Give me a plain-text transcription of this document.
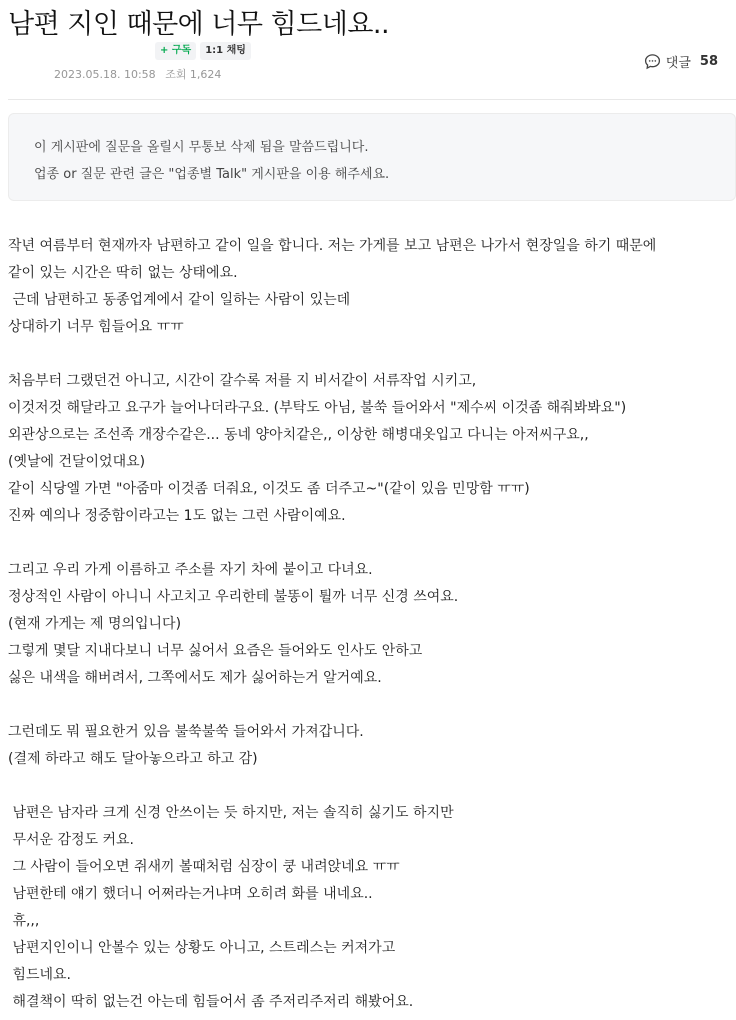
남편 지인 때문에 너무 힘드네요..
+ 구독	1:1 채팅
2023.05.18. 10:58 조회 1,624
댓글 58
이 게시판에 질문을 올릴시 무통보 삭제 됨을 말씀드립니다.
업종 or 질문 관련 글은 "업종별 Talk" 게시판을 이용 해주세요.
작년 여름부터 현재까자 남편하고 같이 일을 합니다. 저는 가게를 보고 남편은 나가서 현장일을 하기 때문에
같이 있는 시간은 딱히 없는 상태에요.
근데 남편하고 동종업계에서 같이 일하는 사람이 있는데
상대하기 너무 힘들어요 ㅠㅠ
처음부터 그랬던건 아니고, 시간이 갈수록 저를 지 비서같이 서류작업 시키고,
이것저것 해달라고 요구가 늘어나더라구요. (부탁도 아님, 불쑥 들어와서 "제수씨 이것좀 해줘봐봐요")
외관상으로는 조선족 개장수같은... 동네 양아치같은,, 이상한 해병대옷입고 다니는 아저씨구요,,
(옛날에 건달이었대요)
같이 식당엘 가면 "아줌마 이것좀 더줘요, 이것도 좀 더주고~"(같이 있음 민망함 ㅠㅠ)
진짜 예의나 정중함이라고는 1도 없는 그런 사람이예요.
그리고 우리 가게 이름하고 주소를 자기 차에 붙이고 다녀요.
정상적인 사람이 아니니 사고치고 우리한테 불똥이 튈까 너무 신경 쓰여요.
(현재 가게는 제 명의입니다)
그렇게 몇달 지내다보니 너무 싫어서 요즘은 들어와도 인사도 안하고
싫은 내색을 해버려서, 그쪽에서도 제가 싫어하는거 알거예요.
그런데도 뭐 필요한거 있음 불쑥불쑥 들어와서 가져갑니다.
(결제 하라고 해도 달아놓으라고 하고 감)
남편은 남자라 크게 신경 안쓰이는 듯 하지만, 저는 솔직히 싫기도 하지만
무서운 감정도 커요.
그 사람이 들어오면 쥐새끼 볼때처럼 심장이 쿵 내려앉네요 ㅠㅠ
남편한테 얘기 했더니 어쩌라는거냐며 오히려 화를 내네요..
휴,,,
남편지인이니 안볼수 있는 상황도 아니고, 스트레스는 커져가고
힘드네요.
해결책이 딱히 없는건 아는데 힘들어서 좀 주저리주저리 해봤어요.
